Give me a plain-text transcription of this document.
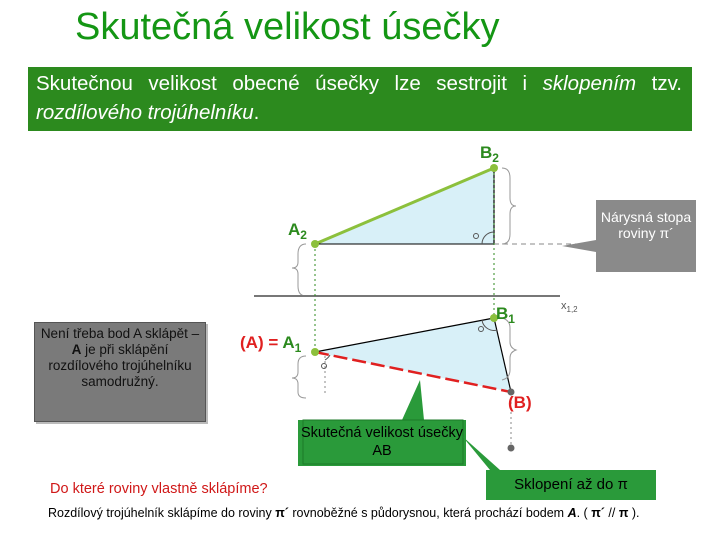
Skutečná velikost úsečky
Skutečnou velikost obecné úsečky lze sestrojit i sklopením tzv. rozdílového trojúhelníku.
$B_2$
$A_2$
$B_1$
$(A) = A_1$
(B)
$x_{1,2}$
Nárysná stopa roviny π´
Skutečná velikost úsečky AB
Sklopení až do π
Není třeba bod A sklápět – A je při sklápění rozdílového trojúhelníku samodružný.
Do které roviny vlastně sklápíme?
Rozdílový trojúhelník sklápíme do roviny π´ rovnoběžné s půdorysnou, která prochází bodem A. ( π´ // π ).
